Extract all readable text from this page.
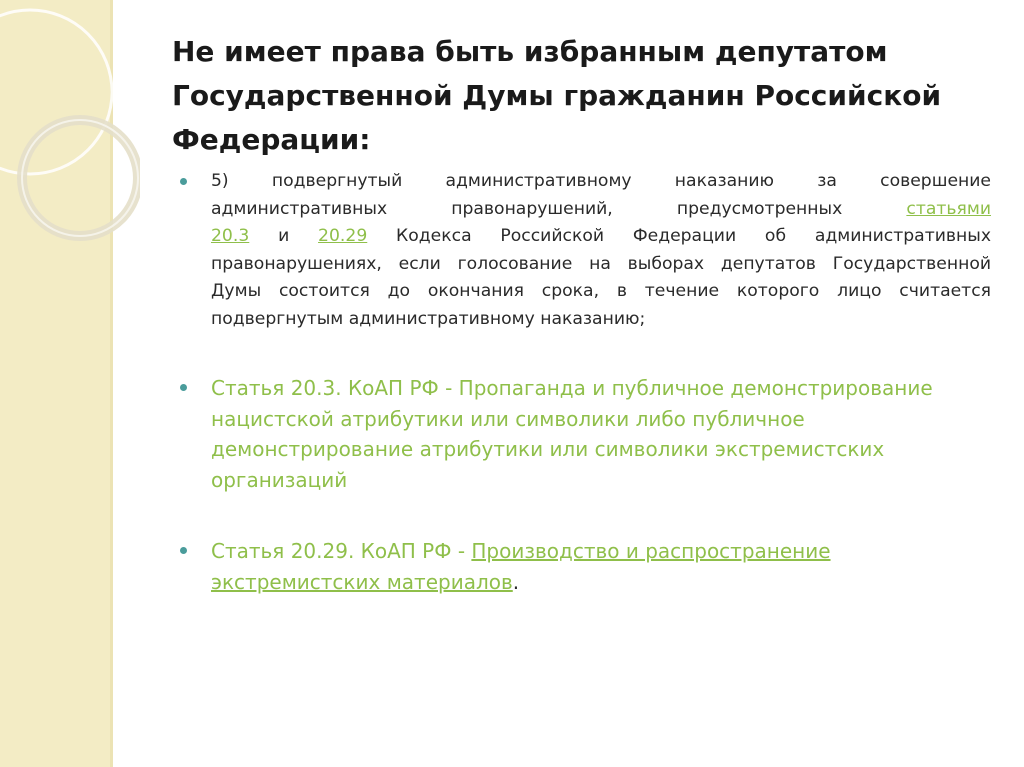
Не имеет права быть избранным депутатом
Государственной Думы гражданин Российской
Федерации:

5) подвергнутый административному наказанию за совершение
административных правонарушений, предусмотренных статьями
20.3 и 20.29 Кодекса Российской Федерации об административных
правонарушениях, если голосование на выборах депутатов Государственной
Думы состоится до окончания срока, в течение которого лицо считается
подвергнутым административному наказанию;

Статья 20.3. КоАП РФ - Пропаганда и публичное демонстрирование
нацистской атрибутики или символики либо публичное
демонстрирование атрибутики или символики экстремистских
организаций

Статья 20.29. КоАП РФ - Производство и распространение
экстремистских материалов.
